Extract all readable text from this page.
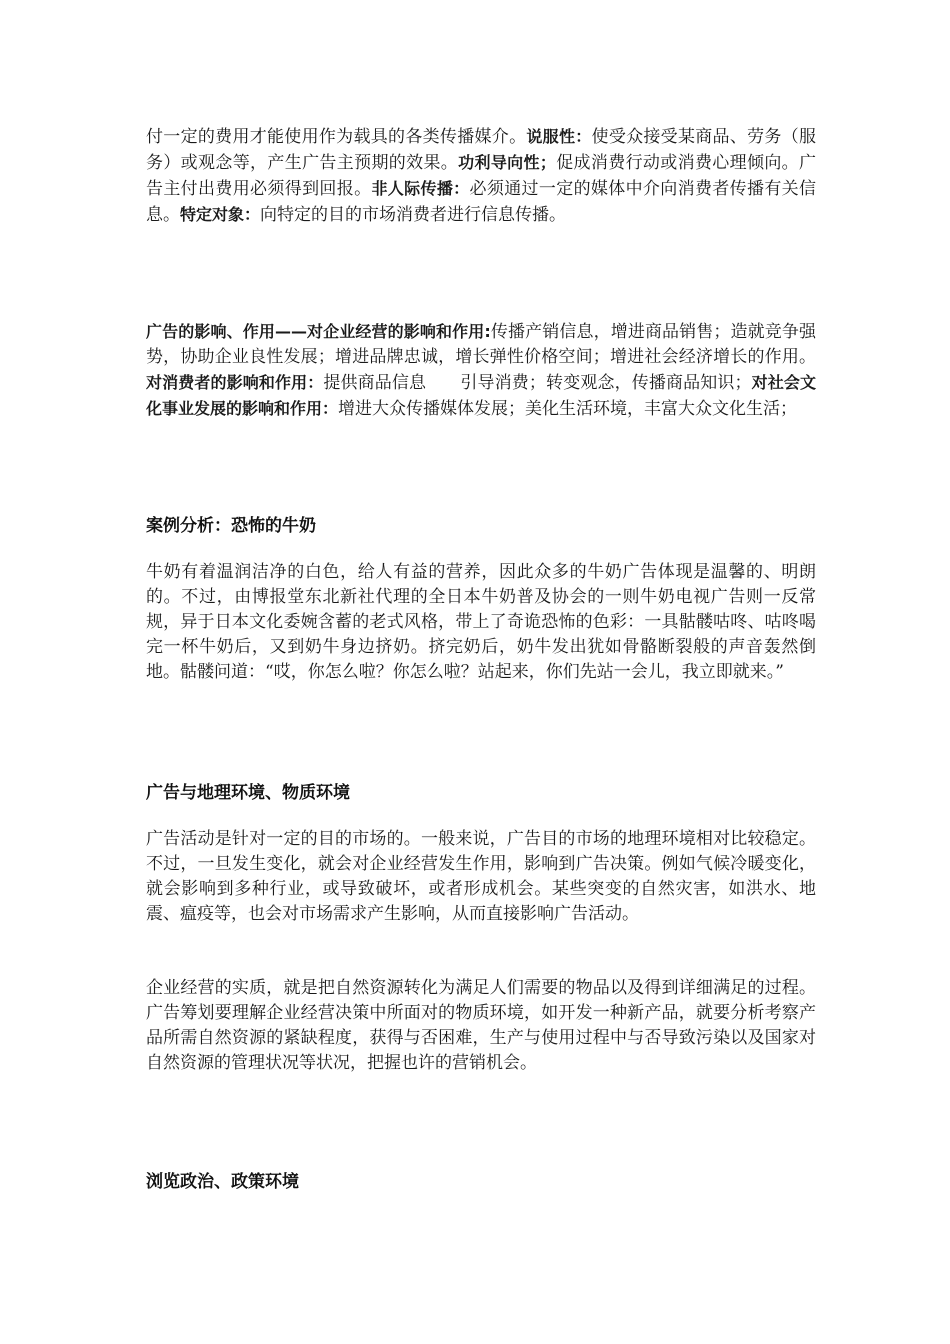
付一定的费用才能使用作为载具的各类传播媒介。说服性：使受众接受某商品、劳务（服务）或观念等，产生广告主预期的效果。功利导向性；促成消费行动或消费心理倾向。广告主付出费用必须得到回报。非人际传播：必须通过一定的媒体中介向消费者传播有关信息。特定对象：向特定的目的市场消费者进行信息传播。

广告的影响、作用——对企业经营的影响和作用:传播产销信息，增进商品销售；造就竞争强势，协助企业良性发展；增进品牌忠诚，增长弹性价格空间；增进社会经济增长的作用。对消费者的影响和作用：提供商品信息　　引导消费；转变观念，传播商品知识；对社会文化事业发展的影响和作用：增进大众传播媒体发展；美化生活环境，丰富大众文化生活；

案例分析：恐怖的牛奶

牛奶有着温润洁净的白色，给人有益的营养，因此众多的牛奶广告体现是温馨的、明朗的。不过，由博报堂东北新社代理的全日本牛奶普及协会的一则牛奶电视广告则一反常规，异于日本文化委婉含蓄的老式风格，带上了奇诡恐怖的色彩：一具骷髅咕咚、咕咚喝完一杯牛奶后，又到奶牛身边挤奶。挤完奶后，奶牛发出犹如骨骼断裂般的声音轰然倒地。骷髅问道：“哎，你怎么啦？你怎么啦？站起来，你们先站一会儿，我立即就来。”

广告与地理环境、物质环境

广告活动是针对一定的目的市场的。一般来说，广告目的市场的地理环境相对比较稳定。不过，一旦发生变化，就会对企业经营发生作用，影响到广告决策。例如气候冷暖变化，就会影响到多种行业，或导致破坏，或者形成机会。某些突变的自然灾害，如洪水、地震、瘟疫等，也会对市场需求产生影响，从而直接影响广告活动。

企业经营的实质，就是把自然资源转化为满足人们需要的物品以及得到详细满足的过程。广告筹划要理解企业经营决策中所面对的物质环境，如开发一种新产品，就要分析考察产品所需自然资源的紧缺程度，获得与否困难，生产与使用过程中与否导致污染以及国家对自然资源的管理状况等状况，把握也许的营销机会。

浏览政治、政策环境
